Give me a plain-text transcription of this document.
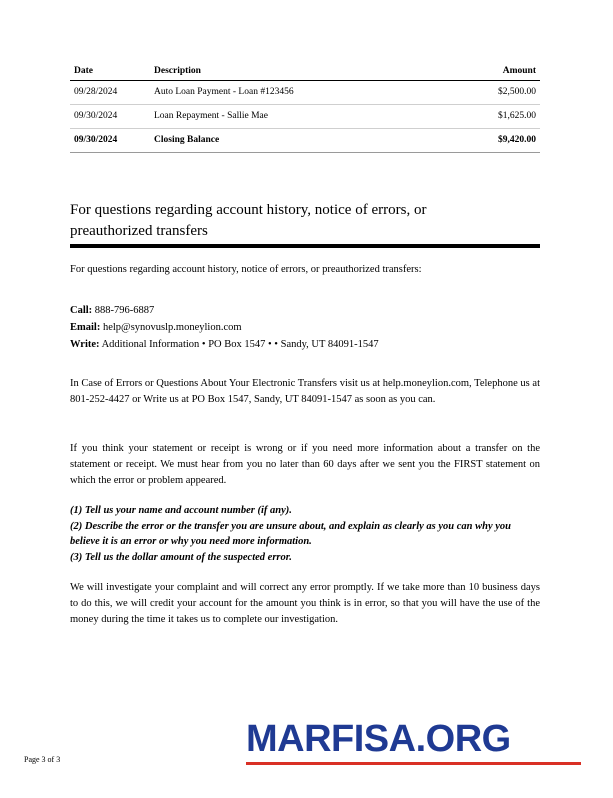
Date	Description	Amount
09/28/2024	Auto Loan Payment - Loan #123456	$2,500.00
09/30/2024	Loan Repayment - Sallie Mae	$1,625.00
09/30/2024	Closing Balance	$9,420.00
For questions regarding account history, notice of errors, or preauthorized transfers
For questions regarding account history, notice of errors, or preauthorized transfers:
Call: 888-796-6887
Email: help@synovuslp.moneylion.com
Write: Additional Information • PO Box 1547 • • Sandy, UT 84091-1547
In Case of Errors or Questions About Your Electronic Transfers visit us at help.moneylion.com, Telephone us at 801-252-4427 or Write us at PO Box 1547, Sandy, UT 84091-1547 as soon as you can.
If you think your statement or receipt is wrong or if you need more information about a transfer on the statement or receipt. We must hear from you no later than 60 days after we sent you the FIRST statement on which the error or problem appeared.
(1) Tell us your name and account number (if any).
(2) Describe the error or the transfer you are unsure about, and explain as clearly as you can why you believe it is an error or why you need more information.
(3) Tell us the dollar amount of the suspected error.
We will investigate your complaint and will correct any error promptly. If we take more than 10 business days to do this, we will credit your account for the amount you think is in error, so that you will have the use of the money during the time it takes us to complete our investigation.
Page 3 of 3	MARFISA.ORG
